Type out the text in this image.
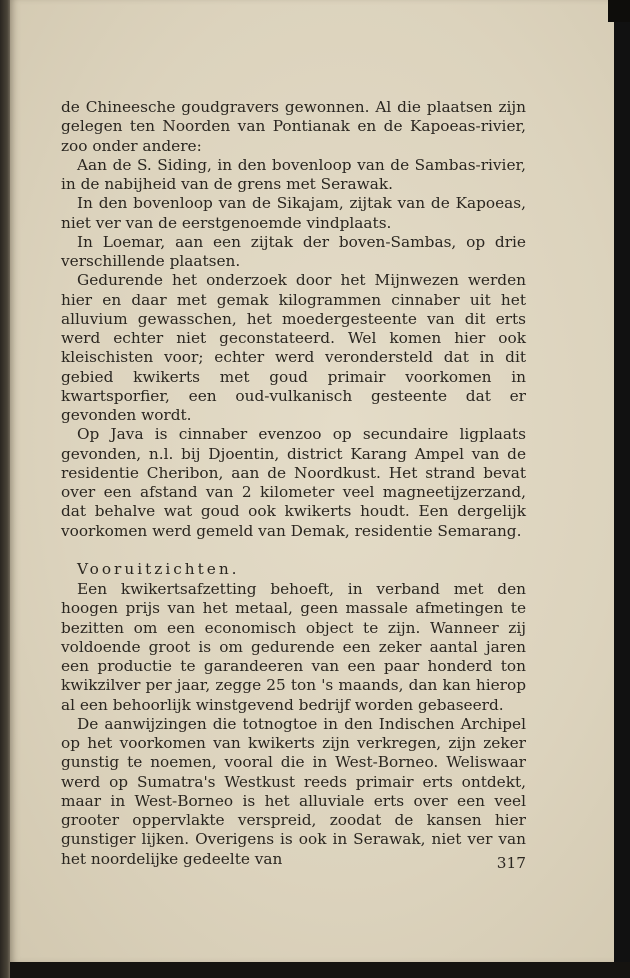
de Chineesche goudgravers gewonnen. Al die plaatsen zijn gelegen ten Noorden van Pontianak en de Kapoeas-rivier, zoo onder andere:

Aan de S. Siding, in den bovenloop van de Sambas-rivier, in de nabijheid van de grens met Serawak.

In den bovenloop van de Sikajam, zijtak van de Kapoeas, niet ver van de eerstgenoemde vindplaats.

In Loemar, aan een zijtak der boven-Sambas, op drie verschillende plaatsen.

Gedurende het onderzoek door het Mijnwezen werden hier en daar met gemak kilogrammen cinnaber uit het alluvium gewasschen, het moedergesteente van dit erts werd echter niet geconstateerd. Wel komen hier ook kleischisten voor; echter werd verondersteld dat in dit gebied kwikerts met goud primair voorkomen in kwartsporfier, een oud-vulkanisch gesteente dat er gevonden wordt.

Op Java is cinnaber evenzoo op secundaire ligplaats gevonden, n.l. bij Djoentin, district Karang Ampel van de residentie Cheribon, aan de Noordkust. Het strand bevat over een afstand van 2 kilometer veel magneetijzerzand, dat behalve wat goud ook kwikerts houdt. Een dergelijk voorkomen werd gemeld van Demak, residentie Semarang.

Vooruitzichten.

Een kwikertsafzetting behoeft, in verband met den hoogen prijs van het metaal, geen massale afmetingen te bezitten om een economisch object te zijn. Wanneer zij voldoende groot is om gedurende een zeker aantal jaren een productie te garandeeren van een paar honderd ton kwikzilver per jaar, zegge 25 ton 's maands, dan kan hierop al een behoorlijk winstgevend bedrijf worden gebaseerd.

De aanwijzingen die totnogtoe in den Indischen Archipel op het voorkomen van kwikerts zijn verkregen, zijn zeker gunstig te noemen, vooral die in West-Borneo. Weliswaar werd op Sumatra's Westkust reeds primair erts ontdekt, maar in West-Borneo is het alluviale erts over een veel grooter oppervlakte verspreid, zoodat de kansen hier gunstiger lijken. Overigens is ook in Serawak, niet ver van het noordelijke gedeelte van	317
